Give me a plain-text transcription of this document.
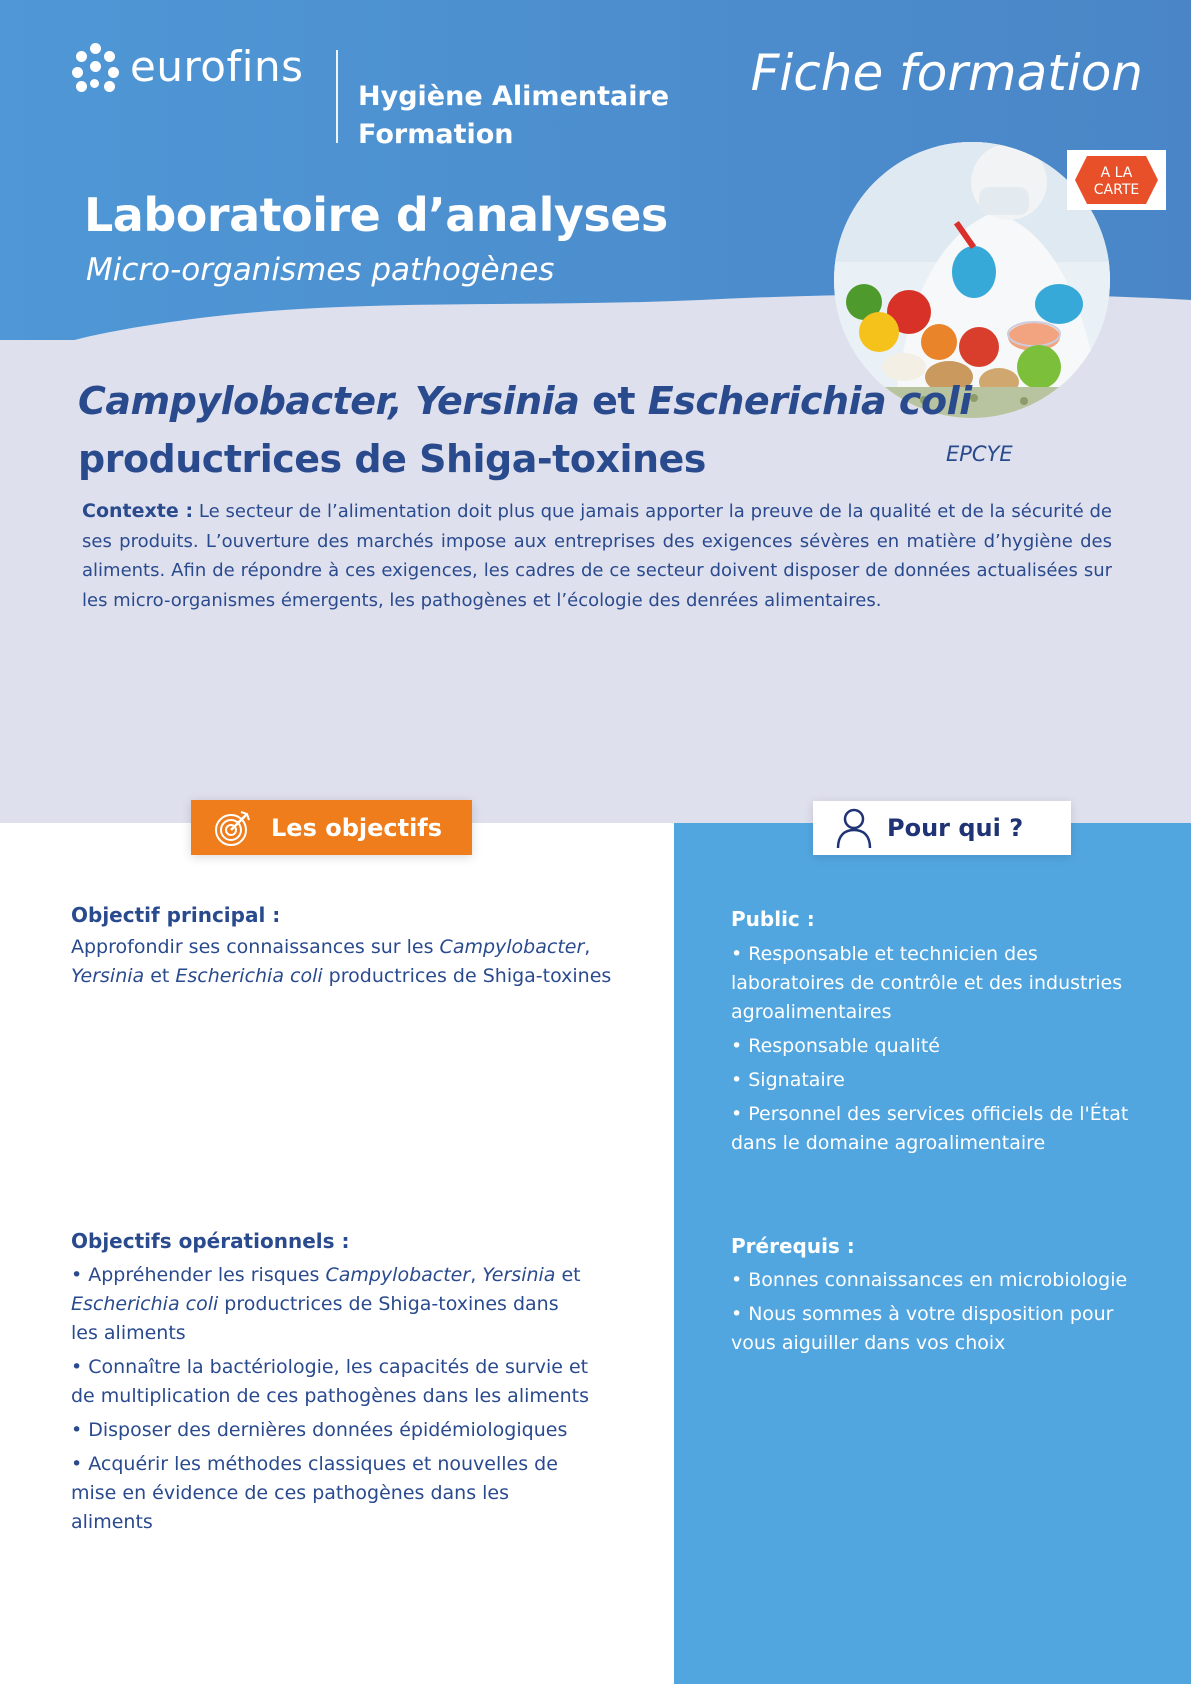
eurofins
Hygiène Alimentaire
Formation
Fiche formation
Laboratoire d’analyses
Micro-organismes pathogènes
A LA
CARTE
Campylobacter, Yersinia et Escherichia coli
productrices de Shiga-toxines	EPCYE
Contexte : Le secteur de l’alimentation doit plus que jamais apporter la preuve de la qualité et de la sécurité de ses produits. L’ouverture des marchés impose aux entreprises des exigences sévères en matière d’hygiène des aliments. Afin de répondre à ces exigences, les cadres de ce secteur doivent disposer de données actualisées sur les micro-organismes émergents, les pathogènes et l’écologie des denrées alimentaires.
Les objectifs	Pour qui ?
Objectif principal :
Approfondir ses connaissances sur les Campylobacter,
Yersinia et Escherichia coli productrices de Shiga-toxines
Objectifs opérationnels :

• Appréhender les risques Campylobacter, Yersinia et
Escherichia coli productrices de Shiga-toxines dans les aliments

• Connaître la bactériologie, les capacités de survie et de multiplication de ces pathogènes dans les aliments

• Disposer des dernières données épidémiologiques

• Acquérir les méthodes classiques et nouvelles de mise en évidence de ces pathogènes dans les aliments

Public :

• Responsable et technicien des laboratoires de contrôle et des industries agroalimentaires

• Responsable qualité

• Signataire

• Personnel des services officiels de l'État dans le domaine agroalimentaire

Prérequis :

• Bonnes connaissances en microbiologie

• Nous sommes à votre disposition pour vous aiguiller dans vos choix
